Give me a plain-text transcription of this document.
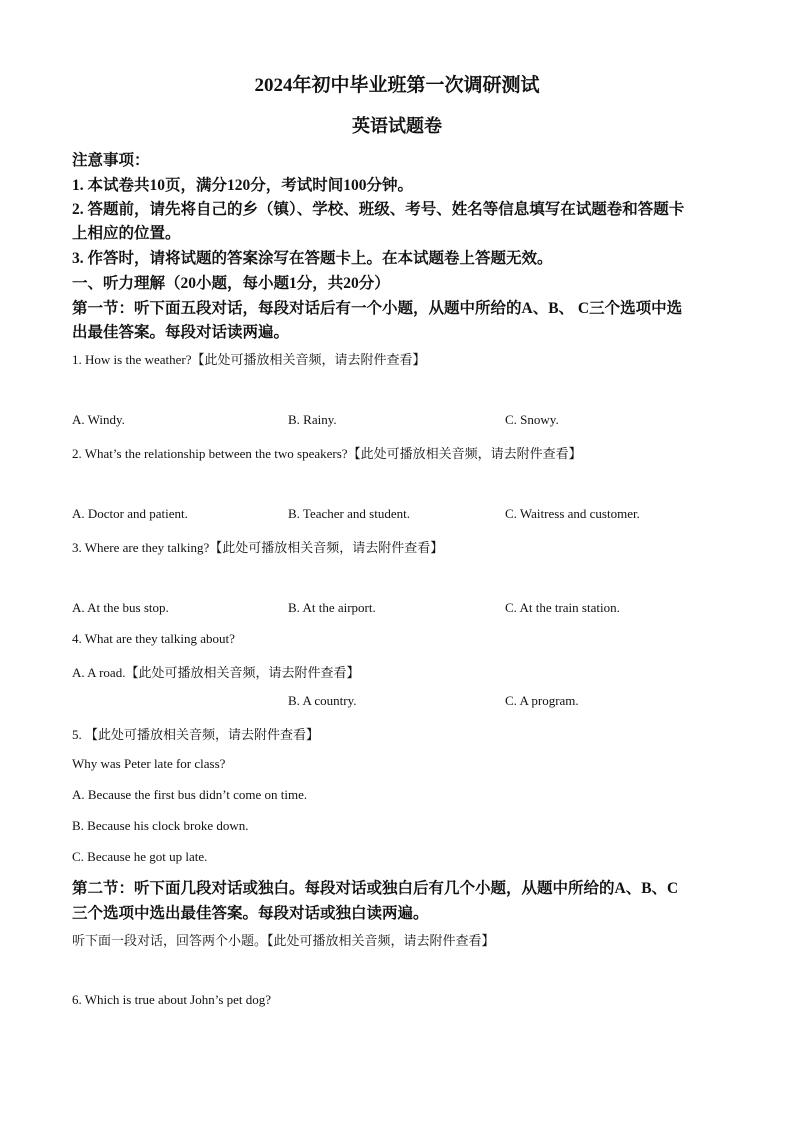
2024年初中毕业班第一次调研测试
英语试题卷
注意事项：
1. 本试卷共10页，满分120分，考试时间100分钟。
2. 答题前，请先将自己的乡（镇）、学校、班级、考号、姓名等信息填写在试题卷和答题卡
上相应的位置。
3. 作答时，请将试题的答案涂写在答题卡上。在本试题卷上答题无效。
一、听力理解（20小题，每小题1分，共20分）
第一节：听下面五段对话，每段对话后有一个小题，从题中所给的A、B、 C三个选项中选
出最佳答案。每段对话读两遍。
1. How is the weather?【此处可播放相关音频，请去附件查看】
A. Windy.	B. Rainy.	C. Snowy.
2. What’s the relationship between the two speakers?【此处可播放相关音频，请去附件查看】
A. Doctor and patient.	B. Teacher and student.	C. Waitress and customer.
3. Where are they talking?【此处可播放相关音频，请去附件查看】
A. At the bus stop.	B. At the airport.	C. At the train station.
4. What are they talking about?
A. A road.【此处可播放相关音频，请去附件查看】
B. A country.	C. A program.
5. 【此处可播放相关音频，请去附件查看】
Why was Peter late for class?
A. Because the first bus didn’t come on time.
B. Because his clock broke down.
C. Because he got up late.
第二节：听下面几段对话或独白。每段对话或独白后有几个小题，从题中所给的A、B、C
三个选项中选出最佳答案。每段对话或独白读两遍。
听下面一段对话，回答两个小题。【此处可播放相关音频，请去附件查看】
6. Which is true about John’s pet dog?
